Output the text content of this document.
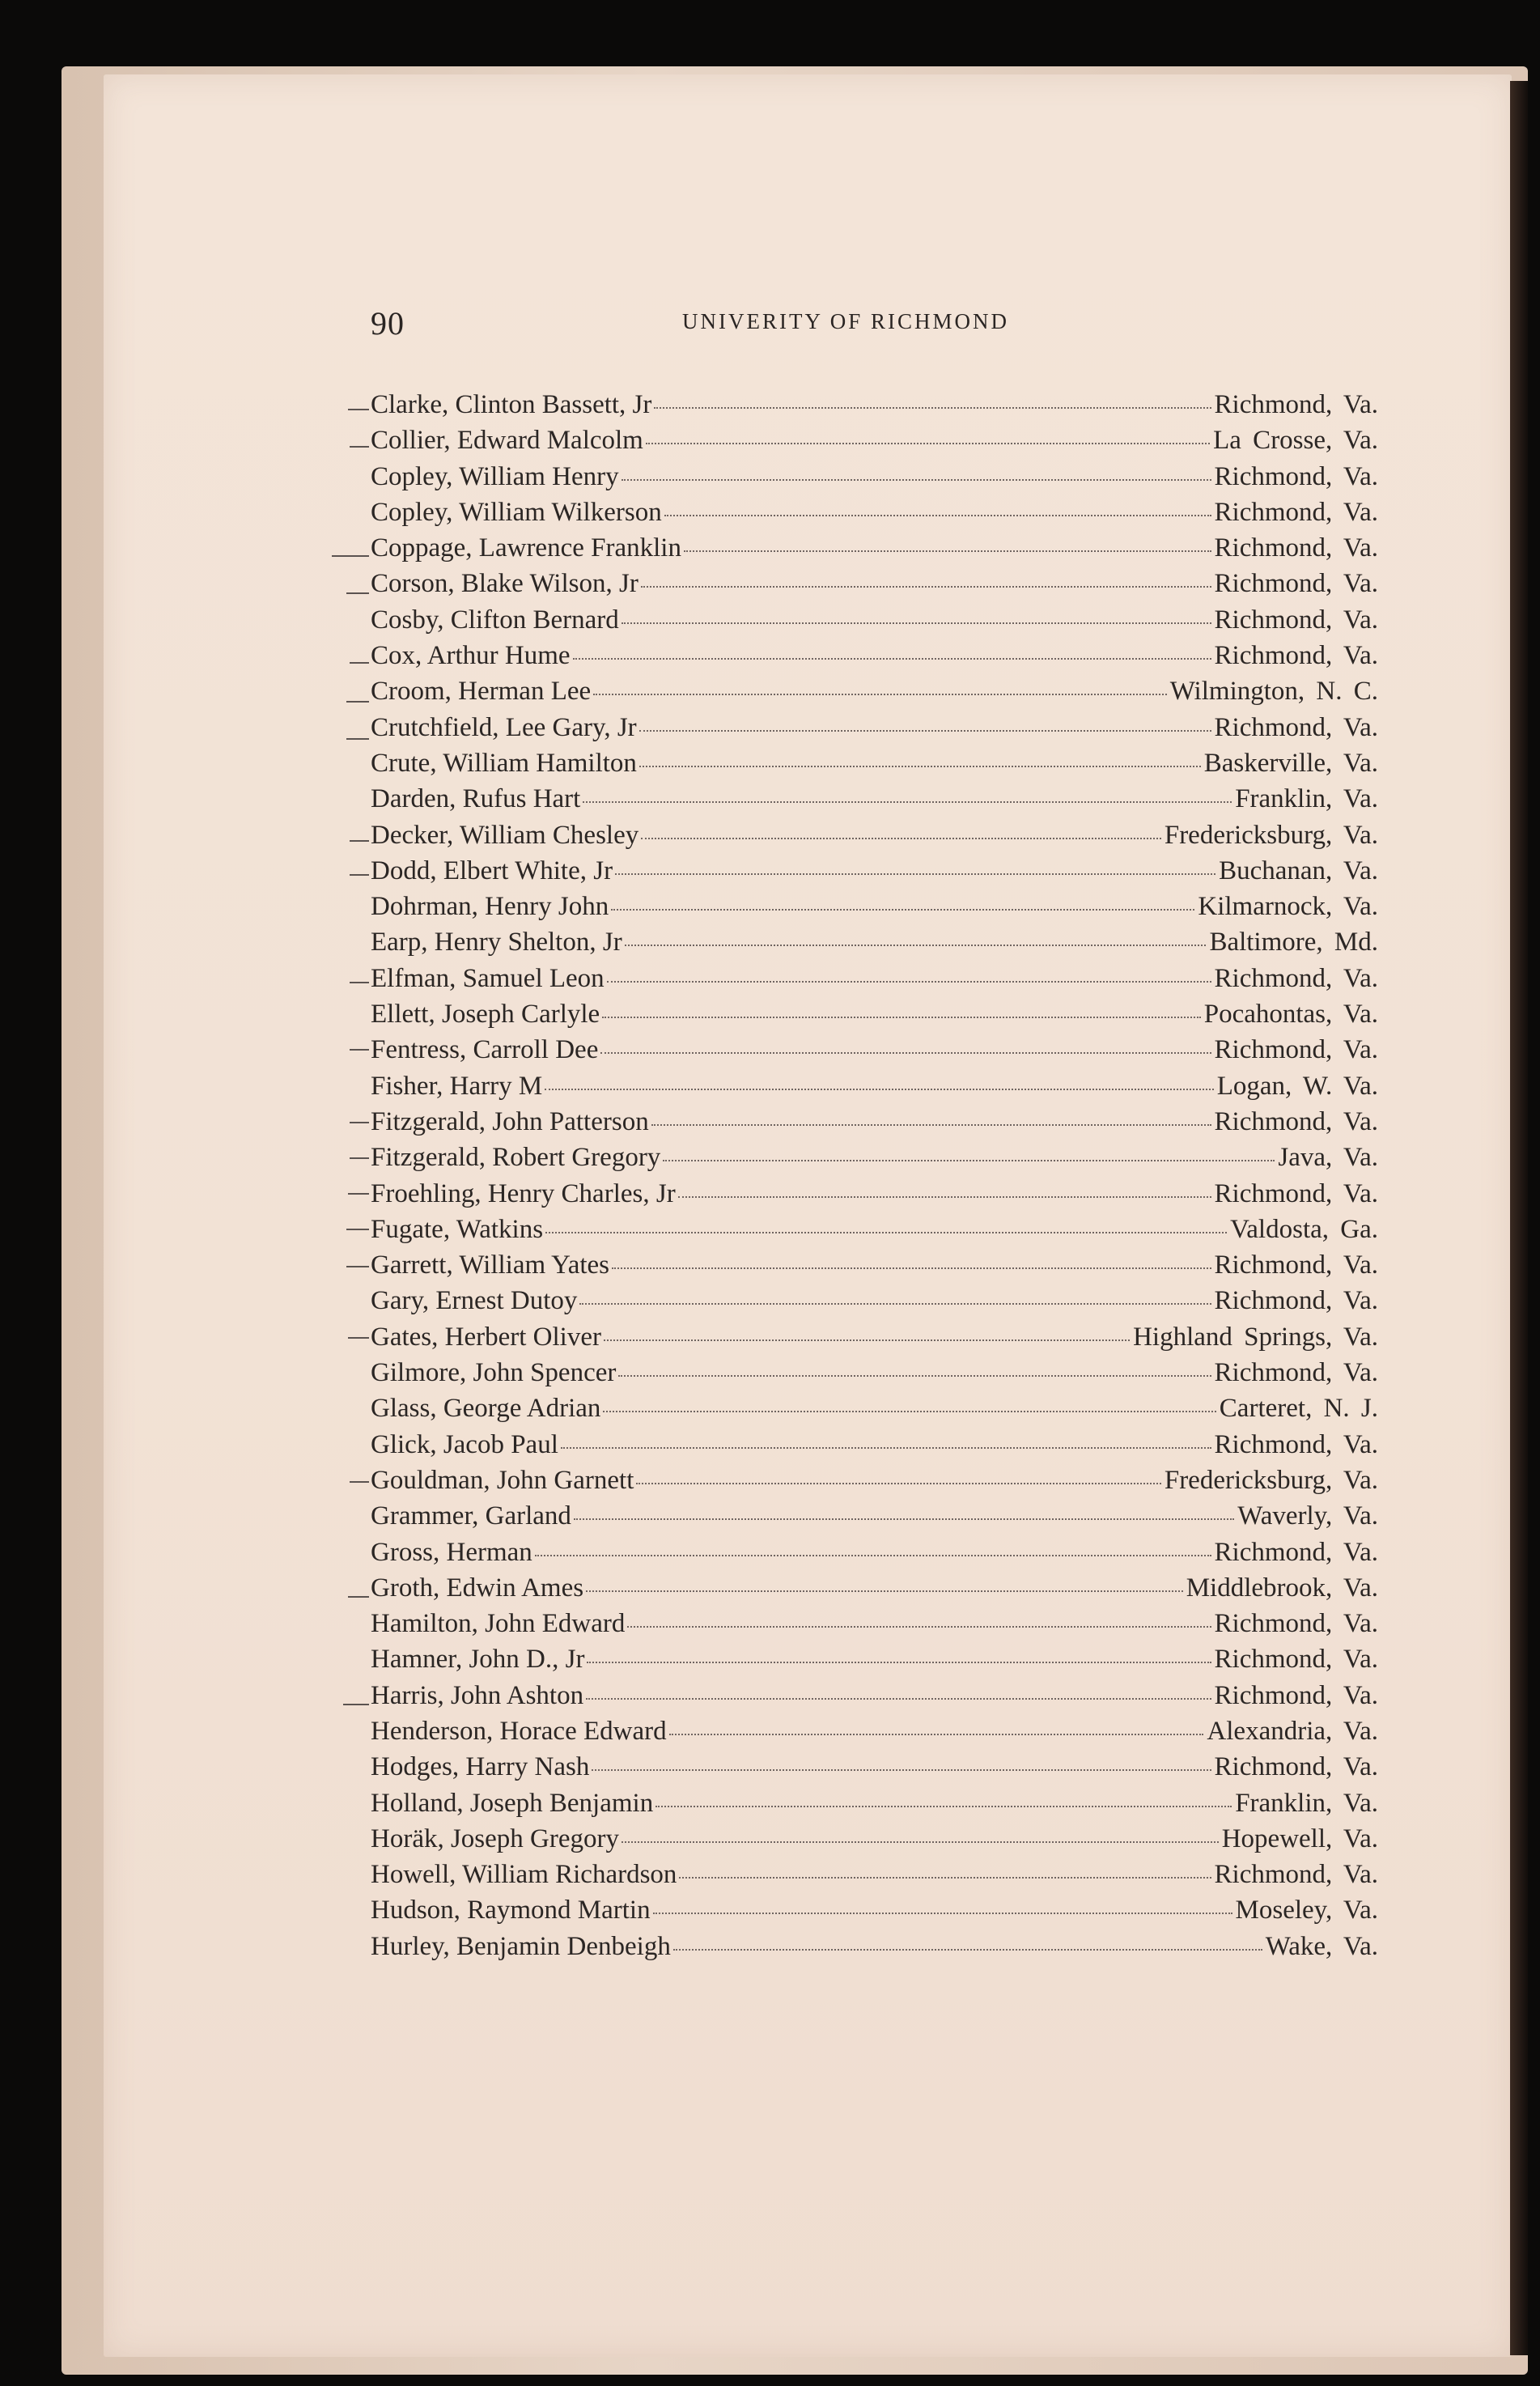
90	UNIVERITY OF RICHMOND
Clarke, Clinton Bassett, Jr	Richmond, Va.
Collier, Edward Malcolm	La Crosse, Va.
Copley, William Henry	Richmond, Va.
Copley, William Wilkerson	Richmond, Va.
Coppage, Lawrence Franklin	Richmond, Va.
Corson, Blake Wilson, Jr	Richmond, Va.
Cosby, Clifton Bernard	Richmond, Va.
Cox, Arthur Hume	Richmond, Va.
Croom, Herman Lee	Wilmington, N. C.
Crutchfield, Lee Gary, Jr	Richmond, Va.
Crute, William Hamilton	Baskerville, Va.
Darden, Rufus Hart	Franklin, Va.
Decker, William Chesley	Fredericksburg, Va.
Dodd, Elbert White, Jr	Buchanan, Va.
Dohrman, Henry John	Kilmarnock, Va.
Earp, Henry Shelton, Jr	Baltimore, Md.
Elfman, Samuel Leon	Richmond, Va.
Ellett, Joseph Carlyle	Pocahontas, Va.
Fentress, Carroll Dee	Richmond, Va.
Fisher, Harry M	Logan, W. Va.
Fitzgerald, John Patterson	Richmond, Va.
Fitzgerald, Robert Gregory	Java, Va.
Froehling, Henry Charles, Jr	Richmond, Va.
Fugate, Watkins	Valdosta, Ga.
Garrett, William Yates	Richmond, Va.
Gary, Ernest Dutoy	Richmond, Va.
Gates, Herbert Oliver	Highland Springs, Va.
Gilmore, John Spencer	Richmond, Va.
Glass, George Adrian	Carteret, N. J.
Glick, Jacob Paul	Richmond, Va.
Gouldman, John Garnett	Fredericksburg, Va.
Grammer, Garland	Waverly, Va.
Gross, Herman	Richmond, Va.
Groth, Edwin Ames	Middlebrook, Va.
Hamilton, John Edward	Richmond, Va.
Hamner, John D., Jr	Richmond, Va.
Harris, John Ashton	Richmond, Va.
Henderson, Horace Edward	Alexandria, Va.
Hodges, Harry Nash	Richmond, Va.
Holland, Joseph Benjamin	Franklin, Va.
Horäk, Joseph Gregory	Hopewell, Va.
Howell, William Richardson	Richmond, Va.
Hudson, Raymond Martin	Moseley, Va.
Hurley, Benjamin Denbeigh	Wake, Va.
